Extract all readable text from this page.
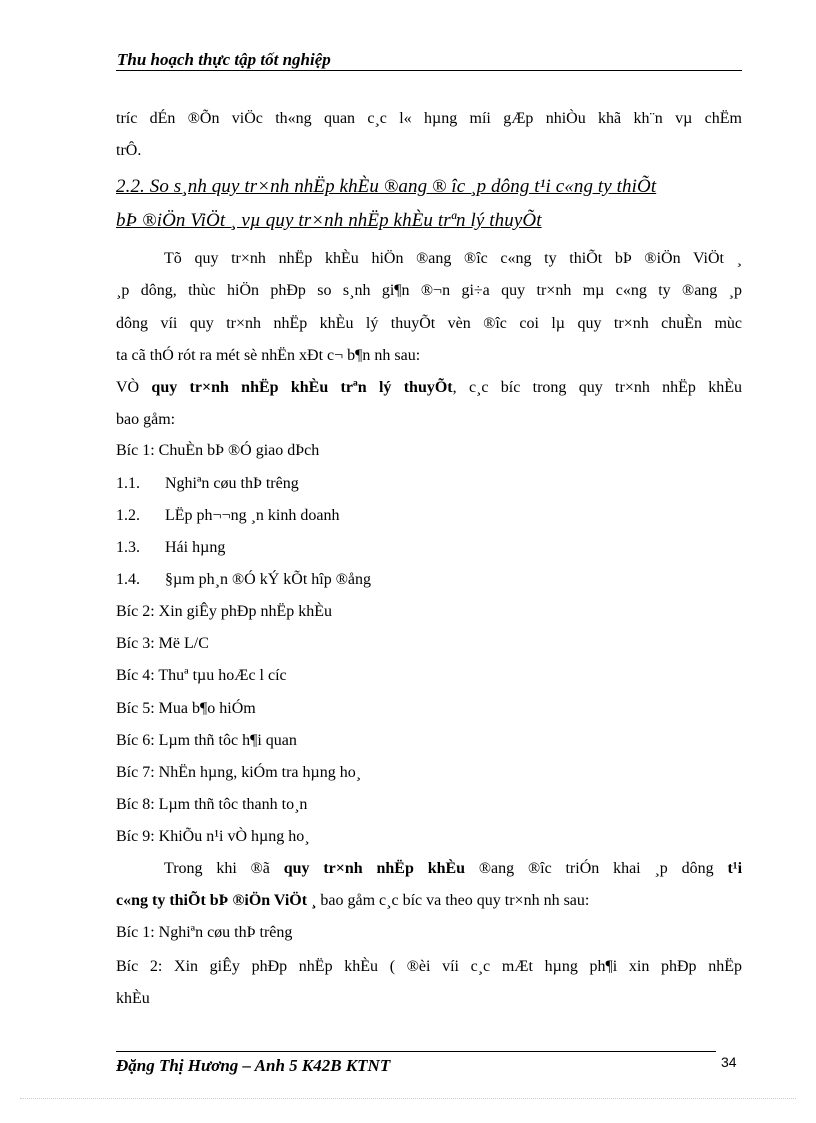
Thu hoạch thực tập tốt nghiệp
tríc dÉn ®Õn viÖc th«ng quan c¸c l« hµng míi gÆp nhiÒu khã kh¨n vµ chËm
trÔ.
2.2. So s¸nh quy tr×nh nhËp khÈu ®ang ® îc ¸p dông t¹i c«ng ty thiÕt
bÞ ®iÖn ViÖt ¸ vµ quy tr×nh nhËp khÈu trªn lý thuyÕt
Tõ quy tr×nh nhËp khÈu hiÖn ®ang ®îc c«ng ty thiÕt bÞ ®iÖn ViÖt ¸
¸p dông, thùc hiÖn phÐp so s¸nh gi¶n ®¬n gi÷a quy tr×nh mµ c«ng ty ®ang ¸p
dông víi quy tr×nh nhËp khÈu lý thuyÕt vèn ®îc coi lµ quy tr×nh chuÈn mùc
ta cã thÓ rót ra mét sè nhËn xÐt c¬ b¶n nh sau:
VÒ quy tr×nh nhËp khÈu trªn lý thuyÕt, c¸c bíc trong quy tr×nh nhËp khÈu
bao gåm:
Bíc 1: ChuÈn bÞ ®Ó giao dÞch
1.1. Nghiªn cøu thÞ trêng
1.2. LËp ph¬¬ng ¸n kinh doanh
1.3. Hái hµng
1.4. §µm ph¸n ®Ó kÝ kÕt hîp ®ång
Bíc 2: Xin giÊy phÐp nhËp khÈu
Bíc 3: Më L/C
Bíc 4: Thuª tµu hoÆc l cíc
Bíc 5: Mua b¶o hiÓm
Bíc 6: Lµm thñ tôc h¶i quan
Bíc 7: NhËn hµng, kiÓm tra hµng ho¸
Bíc 8: Lµm thñ tôc thanh to¸n
Bíc 9: KhiÕu n¹i vÒ hµng ho¸
Trong khi ®ã quy tr×nh nhËp khÈu ®ang ®îc triÓn khai ¸p dông t¹i
c«ng ty thiÕt bÞ ®iÖn ViÖt ¸ bao gåm c¸c bíc va theo quy tr×nh nh sau:
Bíc 1: Nghiªn cøu thÞ trêng
Bíc 2: Xin giÊy phÐp nhËp khÈu ( ®èi víi c¸c mÆt hµng ph¶i xin phÐp nhËp
khÈu
Đặng Thị Hương – Anh 5 K42B KTNT	34
